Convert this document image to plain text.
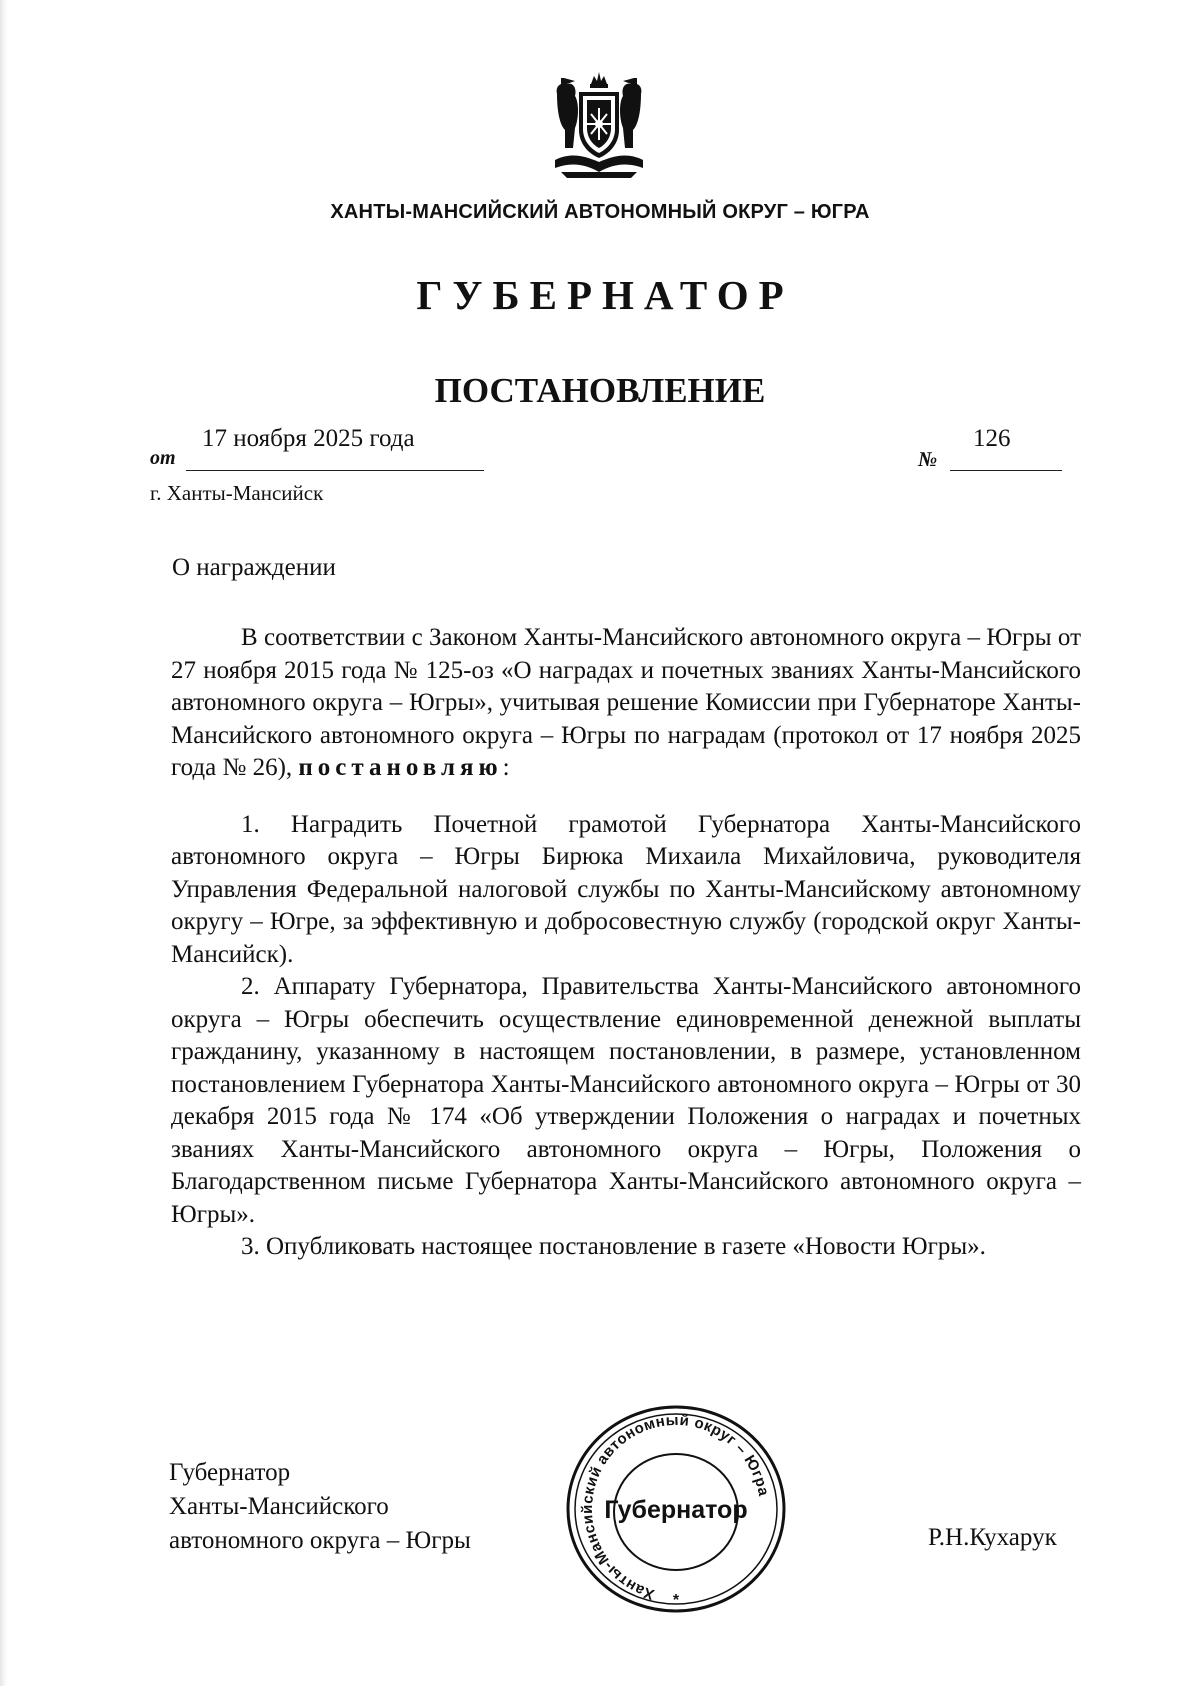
ХАНТЫ-МАНСИЙСКИЙ АВТОНОМНЫЙ ОКРУГ – ЮГРА
ГУБЕРНАТОР
ПОСТАНОВЛЕНИЕ
от
17 ноября 2025 года
№
126
г. Ханты-Мансийск
О награждении

В соответствии с Законом Ханты-Мансийского автономного округа – Югры от 27 ноября 2015 года № 125-оз «О наградах и почетных званиях Ханты-Мансийского автономного округа – Югры», учитывая решение Комиссии при Губернаторе Ханты-Мансийского автономного округа – Югры по наградам (протокол от 17 ноября 2025 года № 26), постановляю:

1. Наградить Почетной грамотой Губернатора Ханты-Мансийского автономного округа – Югры Бирюка Михаила Михайловича, руководителя Управления Федеральной налоговой службы по Ханты-Мансийскому автономному округу – Югре, за эффективную и добросовестную службу (городской округ Ханты-Мансийск).

2. Аппарату Губернатора, Правительства Ханты-Мансийского автономного округа – Югры обеспечить осуществление единовременной денежной выплаты гражданину, указанному в настоящем постановлении, в размере, установленном постановлением Губернатора Ханты-Мансийского автономного округа – Югры от 30 декабря 2015 года № 174 «Об утверждении Положения о наградах и почетных званиях Ханты-Мансийского автономного округа – Югры, Положения о Благодарственном письме Губернатора Ханты-Мансийского автономного округа – Югры».

3. Опубликовать настоящее постановление в газете «Новости Югры».

Губернатор
Ханты-Мансийского
автономного округа – Югры
Ханты-Мансийский автономный округ – Югра
Губернатор
*
Р.Н.Кухарук
